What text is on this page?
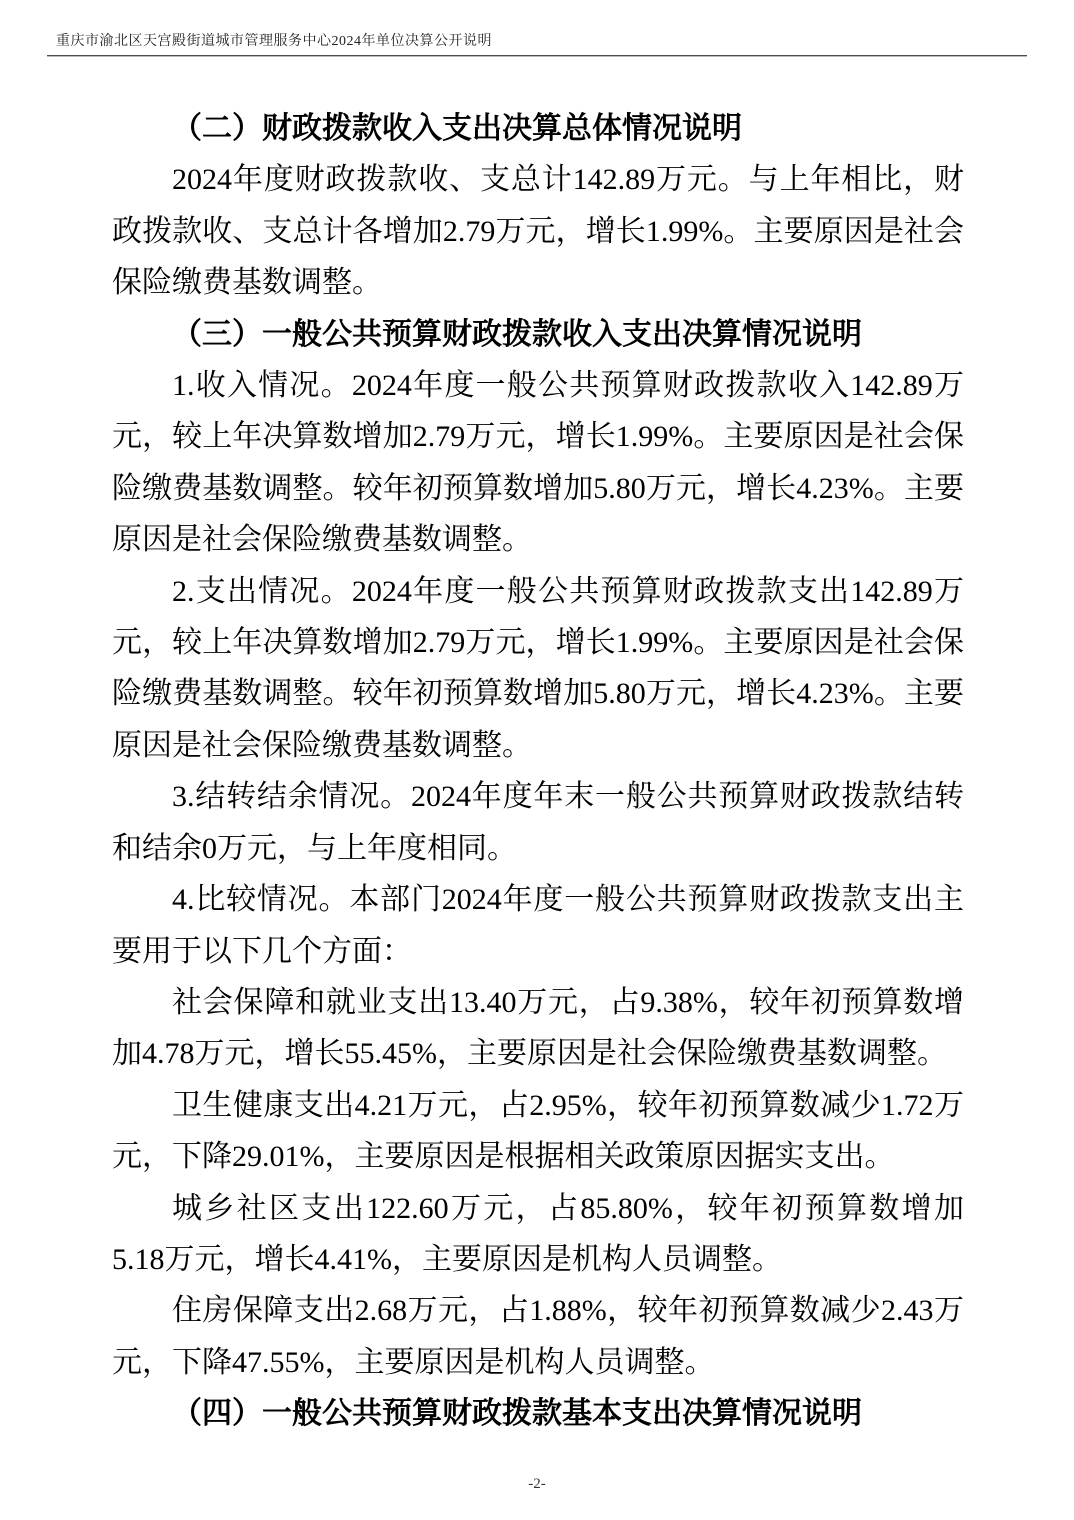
重庆市渝北区天宫殿街道城市管理服务中心2024年单位决算公开说明

（二）财政拨款收入支出决算总体情况说明

2024年度财政拨款收、支总计142.89万元。与上年相比，财政拨款收、支总计各增加2.79万元，增长1.99%。主要原因是社会保险缴费基数调整。

（三）一般公共预算财政拨款收入支出决算情况说明

1.收入情况。2024年度一般公共预算财政拨款收入142.89万元，较上年决算数增加2.79万元，增长1.99%。主要原因是社会保险缴费基数调整。较年初预算数增加5.80万元，增长4.23%。主要原因是社会保险缴费基数调整。

2.支出情况。2024年度一般公共预算财政拨款支出142.89万元，较上年决算数增加2.79万元，增长1.99%。主要原因是社会保险缴费基数调整。较年初预算数增加5.80万元，增长4.23%。主要原因是社会保险缴费基数调整。

3.结转结余情况。2024年度年末一般公共预算财政拨款结转和结余0万元，与上年度相同。

4.比较情况。本部门2024年度一般公共预算财政拨款支出主要用于以下几个方面：

社会保障和就业支出13.40万元，占9.38%，较年初预算数增加4.78万元，增长55.45%，主要原因是社会保险缴费基数调整。

卫生健康支出4.21万元，占2.95%，较年初预算数减少1.72万元，下降29.01%，主要原因是根据相关政策原因据实支出。

城乡社区支出122.60万元，占85.80%，较年初预算数增加5.18万元，增长4.41%，主要原因是机构人员调整。

住房保障支出2.68万元，占1.88%，较年初预算数减少2.43万元，下降47.55%，主要原因是机构人员调整。

（四）一般公共预算财政拨款基本支出决算情况说明

-2-
